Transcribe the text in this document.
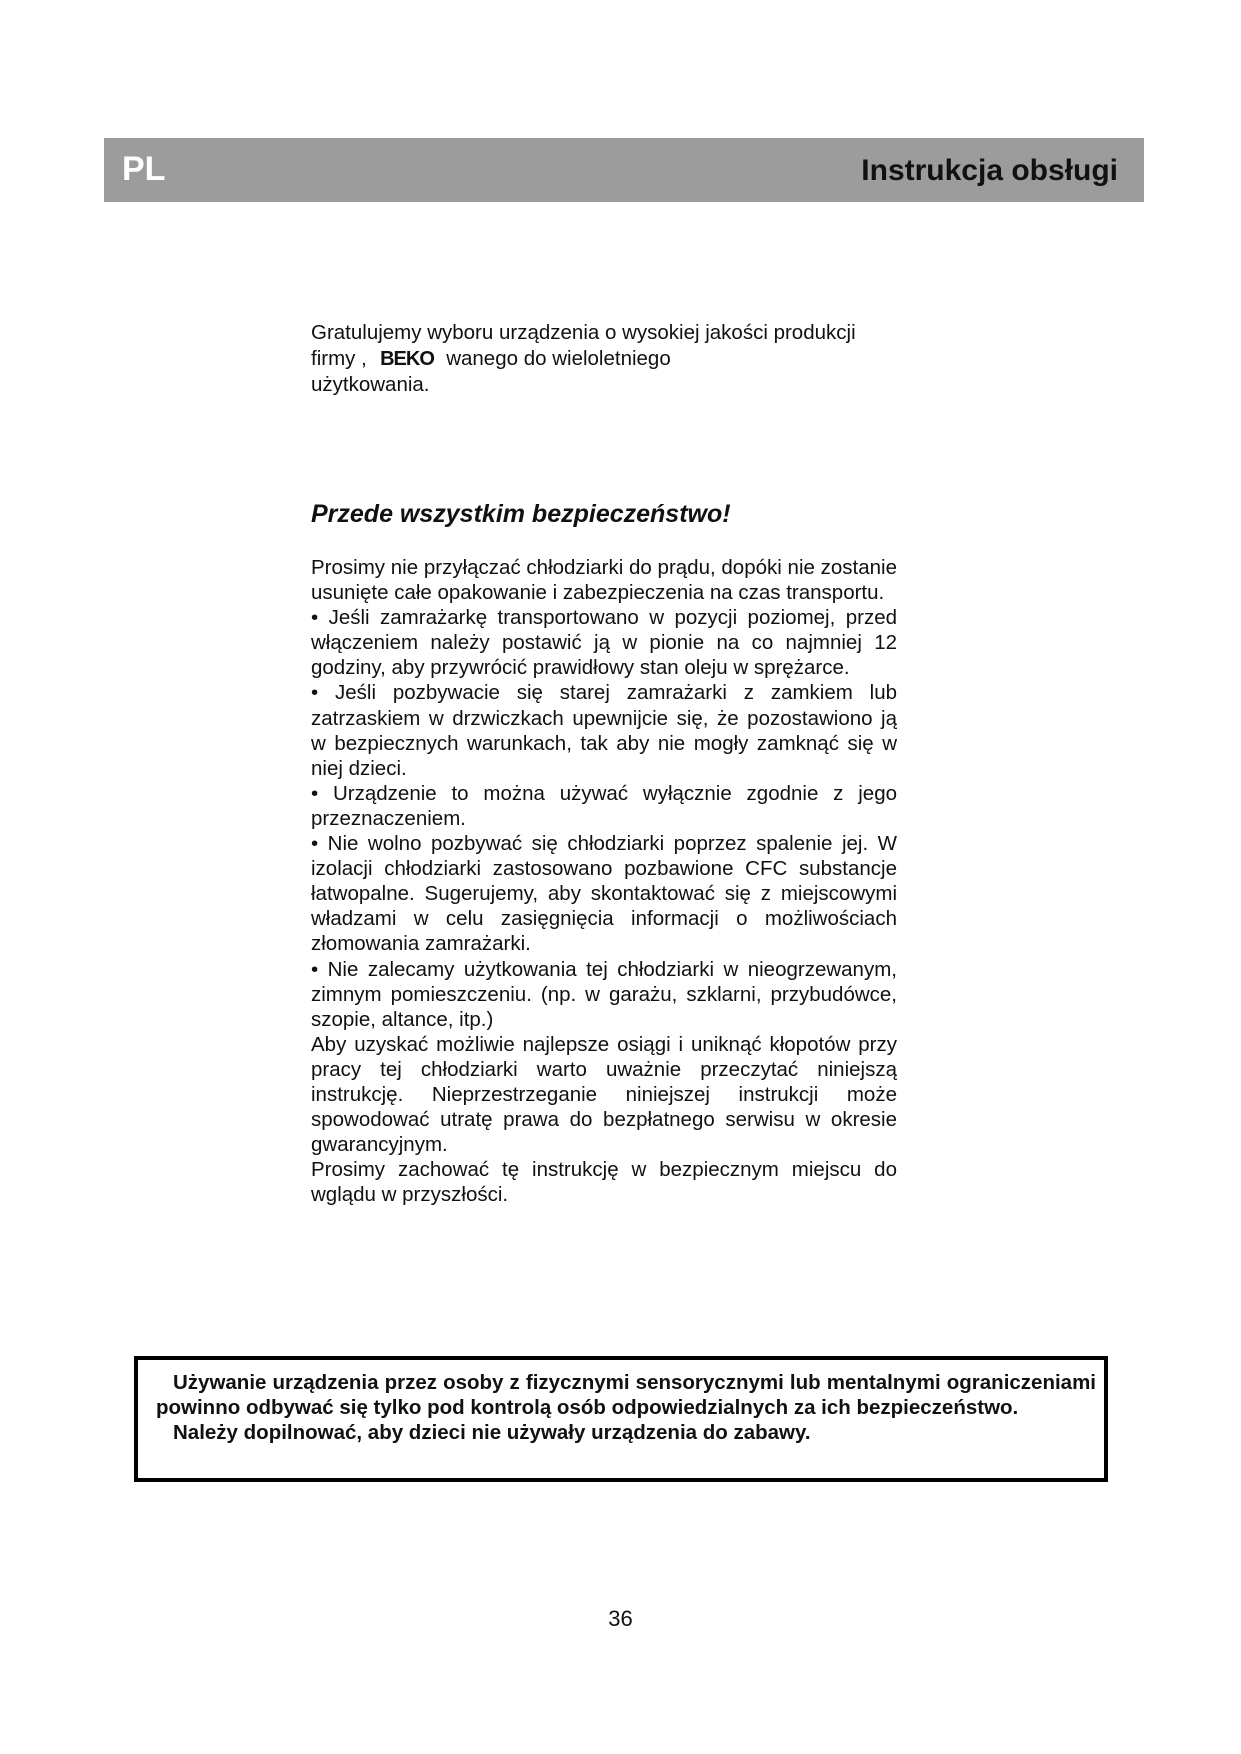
PL	Instrukcja obsługi
Gratulujemy wyboru urządzenia o wysokiej jakości produkcji
firmy , BEKO wanego do wieloletniego
użytkowania.
Przede wszystkim bezpieczeństwo!

Prosimy nie przyłączać chłodziarki do prądu, dopóki nie zostanie usunięte całe opakowanie i zabezpieczenia na czas transportu.

• Jeśli zamrażarkę transportowano w pozycji poziomej, przed włączeniem należy postawić ją w pionie na co najmniej 12 godziny, aby przywrócić prawidłowy stan oleju w sprężarce.

• Jeśli pozbywacie się starej zamrażarki z zamkiem lub zatrzaskiem w drzwiczkach upewnijcie się, że pozostawiono ją w bezpiecznych warunkach, tak aby nie mogły zamknąć się w niej dzieci.

• Urządzenie to można używać wyłącznie zgodnie z jego przeznaczeniem.

• Nie wolno pozbywać się chłodziarki poprzez spalenie jej. W izolacji chłodziarki zastosowano pozbawione CFC substancje łatwopalne. Sugerujemy, aby skontaktować się z miejscowymi władzami w celu zasięgnięcia informacji o możliwościach złomowania zamrażarki.

• Nie zalecamy użytkowania tej chłodziarki w nieogrzewanym, zimnym pomieszczeniu. (np. w garażu, szklarni, przybudówce, szopie, altance, itp.)

Aby uzyskać możliwie najlepsze osiągi i uniknąć kłopotów przy pracy tej chłodziarki warto uważnie przeczytać niniejszą instrukcję. Nieprzestrzeganie niniejszej instrukcji może spowodować utratę prawa do bezpłatnego serwisu w okresie gwarancyjnym.

Prosimy zachować tę instrukcję w bezpiecznym miejscu do wglądu w przyszłości.

Używanie urządzenia przez osoby z fizycznymi sensorycznymi lub mentalnymi ograniczeniami powinno odbywać się tylko pod kontrolą osób odpowiedzialnych za ich bezpieczeństwo.

Należy dopilnować, aby dzieci nie używały urządzenia do zabawy.

36
